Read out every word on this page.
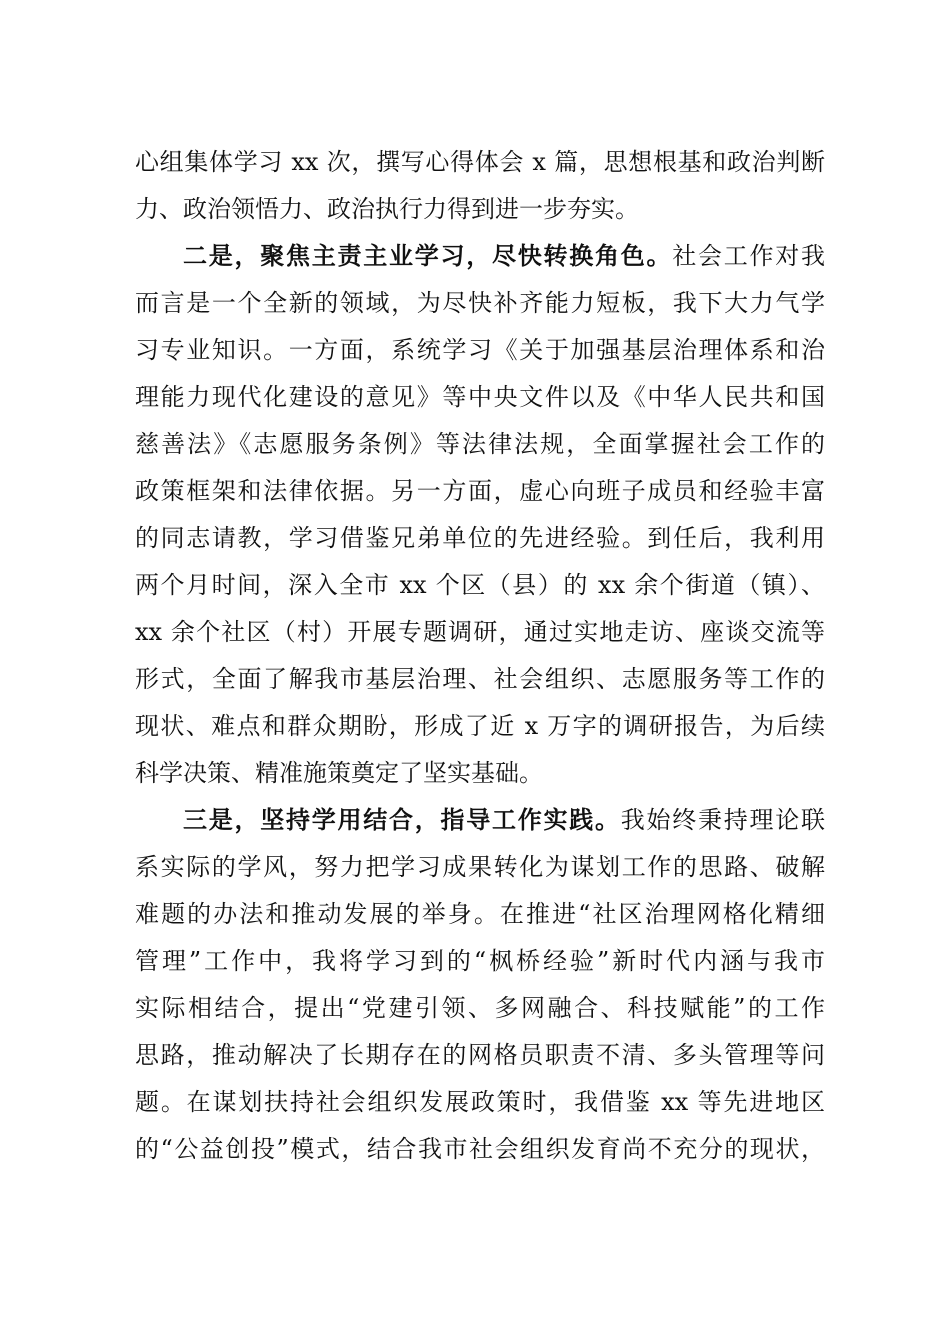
心组集体学习 xx 次，撰写心得体会 x 篇，思想根基和政治判断
力、政治领悟力、政治执行力得到进一步夯实。
二是，聚焦主责主业学习，尽快转换角色。社会工作对我
而言是一个全新的领域，为尽快补齐能力短板，我下大力气学
习专业知识。一方面，系统学习《关于加强基层治理体系和治
理能力现代化建设的意见》等中央文件以及《中华人民共和国
慈善法》《志愿服务条例》等法律法规，全面掌握社会工作的
政策框架和法律依据。另一方面，虚心向班子成员和经验丰富
的同志请教，学习借鉴兄弟单位的先进经验。到任后，我利用
两个月时间，深入全市 xx 个区（县）的 xx 余个街道（镇）、
xx 余个社区（村）开展专题调研，通过实地走访、座谈交流等
形式，全面了解我市基层治理、社会组织、志愿服务等工作的
现状、难点和群众期盼，形成了近 x 万字的调研报告，为后续
科学决策、精准施策奠定了坚实基础。
三是，坚持学用结合，指导工作实践。我始终秉持理论联
系实际的学风，努力把学习成果转化为谋划工作的思路、破解
难题的办法和推动发展的举身。在推进“社区治理网格化精细
管理”工作中，我将学习到的“枫桥经验”新时代内涵与我市
实际相结合，提出“党建引领、多网融合、科技赋能”的工作
思路，推动解决了长期存在的网格员职责不清、多头管理等问
题。在谋划扶持社会组织发展政策时，我借鉴 xx 等先进地区
的“公益创投”模式，结合我市社会组织发育尚不充分的现状，
